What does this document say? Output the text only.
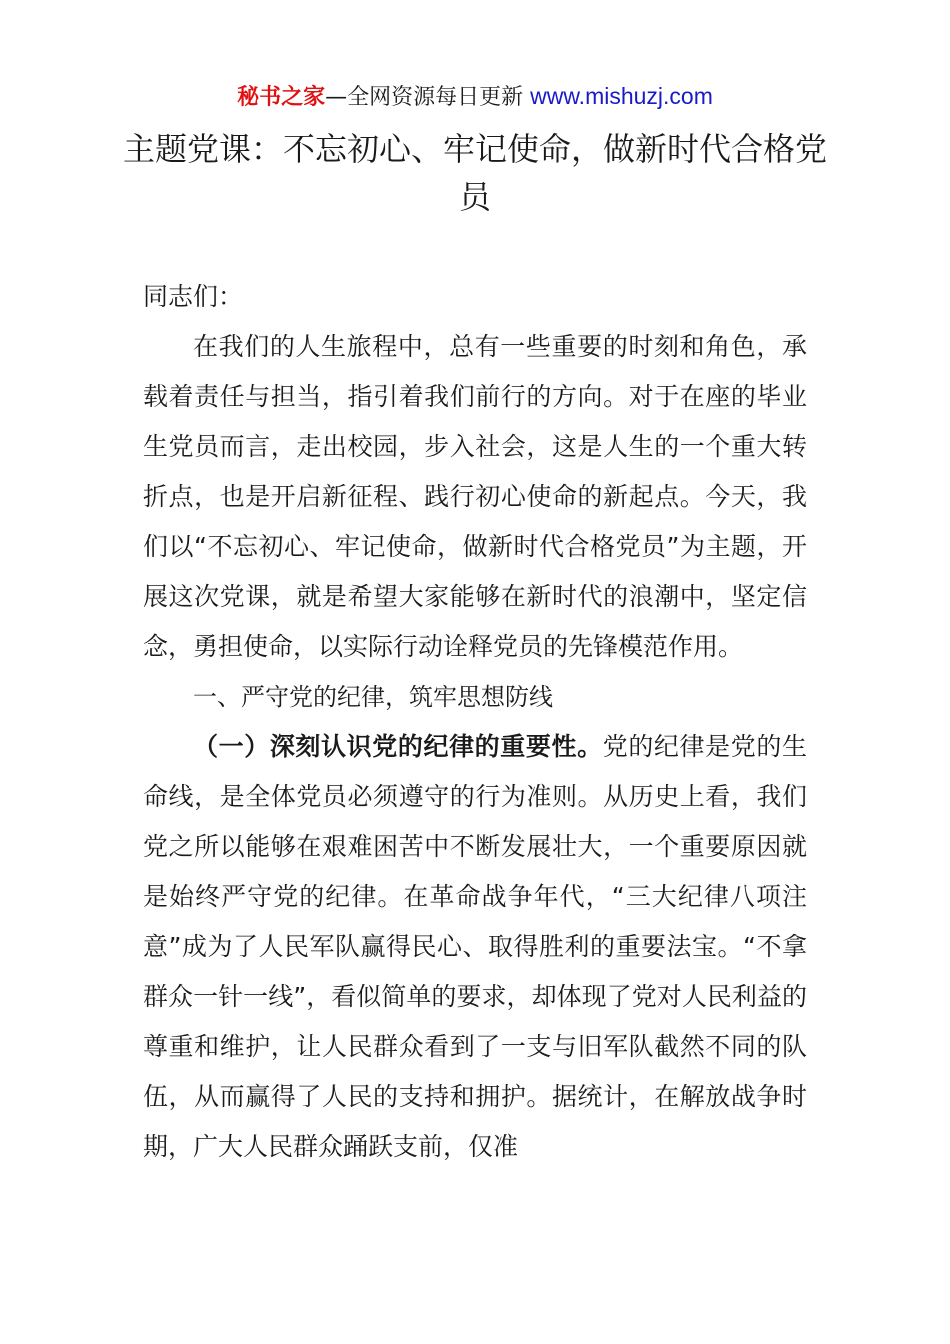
秘书之家—全网资源每日更新 www.mishuzj.com
主题党课：不忘初心、牢记使命，做新时代合格党员

同志们：

在我们的人生旅程中，总有一些重要的时刻和角色，承载着责任与担当，指引着我们前行的方向。对于在座的毕业生党员而言，走出校园，步入社会，这是人生的一个重大转折点，也是开启新征程、践行初心使命的新起点。今天，我们以“不忘初心、牢记使命，做新时代合格党员”为主题，开展这次党课，就是希望大家能够在新时代的浪潮中，坚定信念，勇担使命，以实际行动诠释党员的先锋模范作用。

一、严守党的纪律，筑牢思想防线

（一）深刻认识党的纪律的重要性。党的纪律是党的生命线，是全体党员必须遵守的行为准则。从历史上看，我们党之所以能够在艰难困苦中不断发展壮大，一个重要原因就是始终严守党的纪律。在革命战争年代，“三大纪律八项注意”成为了人民军队赢得民心、取得胜利的重要法宝。“不拿群众一针一线”，看似简单的要求，却体现了党对人民利益的尊重和维护，让人民群众看到了一支与旧军队截然不同的队伍，从而赢得了人民的支持和拥护。据统计，在解放战争时期，广大人民群众踊跃支前，仅准
